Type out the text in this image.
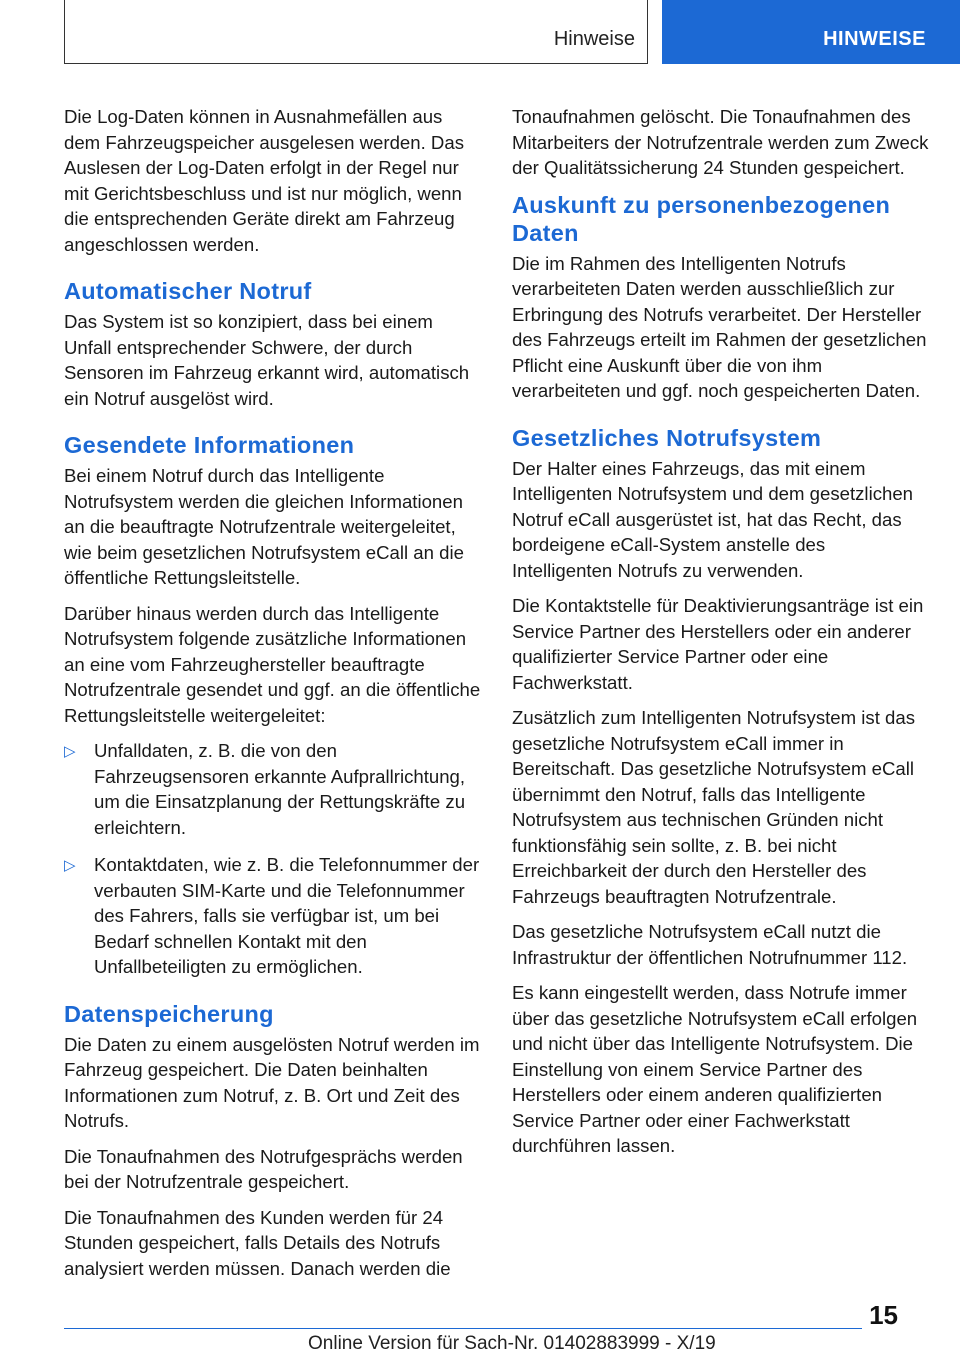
Hinweise	HINWEISE

Die Log-Daten können in Ausnahmefällen aus dem Fahrzeugspeicher ausgelesen werden. Das Auslesen der Log-Daten erfolgt in der Regel nur mit Gerichtsbeschluss und ist nur möglich, wenn die entsprechenden Geräte direkt am Fahrzeug angeschlossen werden.

Automatischer Notruf

Das System ist so konzipiert, dass bei einem Unfall entsprechender Schwere, der durch Sensoren im Fahrzeug erkannt wird, automatisch ein Notruf ausgelöst wird.

Gesendete Informationen

Bei einem Notruf durch das Intelligente Notrufsystem werden die gleichen Informationen an die beauftragte Notrufzentrale weitergeleitet, wie beim gesetzlichen Notrufsystem eCall an die öffentliche Rettungsleitstelle.

Darüber hinaus werden durch das Intelligente Notrufsystem folgende zusätzliche Informationen an eine vom Fahrzeughersteller beauftragte Notrufzentrale gesendet und ggf. an die öffentliche Rettungsleitstelle weitergeleitet:

▷ Unfalldaten, z. B. die von den Fahrzeugsensoren erkannte Aufprallrichtung, um die Einsatzplanung der Rettungskräfte zu erleichtern.
▷ Kontaktdaten, wie z. B. die Telefonnummer der verbauten SIM-Karte und die Telefonnummer des Fahrers, falls sie verfügbar ist, um bei Bedarf schnellen Kontakt mit den Unfallbeteiligten zu ermöglichen.
Datenspeicherung

Die Daten zu einem ausgelösten Notruf werden im Fahrzeug gespeichert. Die Daten beinhalten Informationen zum Notruf, z. B. Ort und Zeit des Notrufs.

Die Tonaufnahmen des Notrufgesprächs werden bei der Notrufzentrale gespeichert.

Die Tonaufnahmen des Kunden werden für 24 Stunden gespeichert, falls Details des Notrufs analysiert werden müssen. Danach werden die

Tonaufnahmen gelöscht. Die Tonaufnahmen des Mitarbeiters der Notrufzentrale werden zum Zweck der Qualitätssicherung 24 Stunden gespeichert.

Auskunft zu personenbezogenen Daten

Die im Rahmen des Intelligenten Notrufs verarbeiteten Daten werden ausschließlich zur Erbringung des Notrufs verarbeitet. Der Hersteller des Fahrzeugs erteilt im Rahmen der gesetzlichen Pflicht eine Auskunft über die von ihm verarbeiteten und ggf. noch gespeicherten Daten.

Gesetzliches Notrufsystem

Der Halter eines Fahrzeugs, das mit einem Intelligenten Notrufsystem und dem gesetzlichen Notruf eCall ausgerüstet ist, hat das Recht, das bordeigene eCall-System anstelle des Intelligenten Notrufs zu verwenden.

Die Kontaktstelle für Deaktivierungsanträge ist ein Service Partner des Herstellers oder ein anderer qualifizierter Service Partner oder eine Fachwerkstatt.

Zusätzlich zum Intelligenten Notrufsystem ist das gesetzliche Notrufsystem eCall immer in Bereitschaft. Das gesetzliche Notrufsystem eCall übernimmt den Notruf, falls das Intelligente Notrufsystem aus technischen Gründen nicht funktionsfähig sein sollte, z. B. bei nicht Erreichbarkeit der durch den Hersteller des Fahrzeugs beauftragten Notrufzentrale.

Das gesetzliche Notrufsystem eCall nutzt die Infrastruktur der öffentlichen Notrufnummer 112.

Es kann eingestellt werden, dass Notrufe immer über das gesetzliche Notrufsystem eCall erfolgen und nicht über das Intelligente Notrufsystem. Die Einstellung von einem Service Partner des Herstellers oder einem anderen qualifizierten Service Partner oder einer Fachwerkstatt durchführen lassen.

15
Online Version für Sach-Nr. 01402883999 - X/19
